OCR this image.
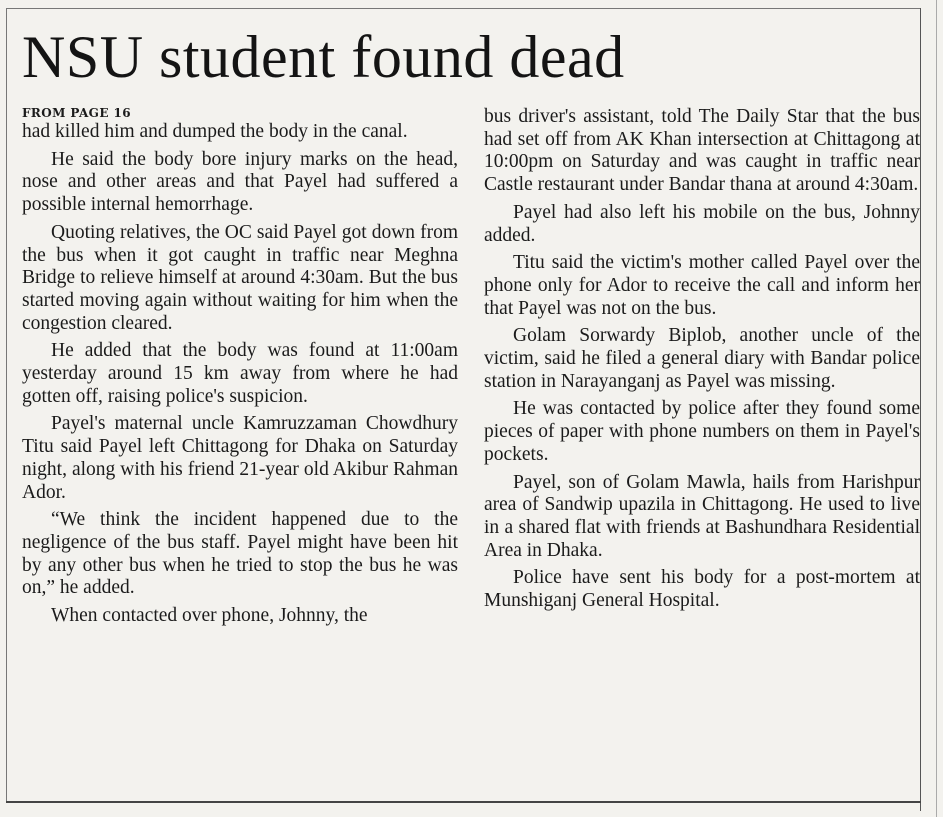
NSU student found dead
FROM PAGE 16

had killed him and dumped the body in the canal.

He said the body bore injury marks on the head, nose and other areas and that Payel had suffered a possible internal hemorrhage.

Quoting relatives, the OC said Payel got down from the bus when it got caught in traffic near Meghna Bridge to relieve himself at around 4:30am. But the bus started moving again without waiting for him when the congestion cleared.

He added that the body was found at 11:00am yesterday around 15 km away from where he had gotten off, raising police's suspicion.

Payel's maternal uncle Kamruzzaman Chowdhury Titu said Payel left Chittagong for Dhaka on Saturday night, along with his friend 21-year old Akibur Rahman Ador.

“We think the incident happened due to the negligence of the bus staff. Payel might have been hit by any other bus when he tried to stop the bus he was on,” he added.

When contacted over phone, Johnny, the

bus driver's assistant, told The Daily Star that the bus had set off from AK Khan intersection at Chittagong at 10:00pm on Saturday and was caught in traffic near Castle restaurant under Bandar thana at around 4:30am.

Payel had also left his mobile on the bus, Johnny added.

Titu said the victim's mother called Payel over the phone only for Ador to receive the call and inform her that Payel was not on the bus.

Golam Sorwardy Biplob, another uncle of the victim, said he filed a general diary with Bandar police station in Narayanganj as Payel was missing.

He was contacted by police after they found some pieces of paper with phone numbers on them in Payel's pockets.

Payel, son of Golam Mawla, hails from Harishpur area of Sandwip upazila in Chittagong. He used to live in a shared flat with friends at Bashundhara Residential Area in Dhaka.

Police have sent his body for a post-mortem at Munshiganj General Hospital.
